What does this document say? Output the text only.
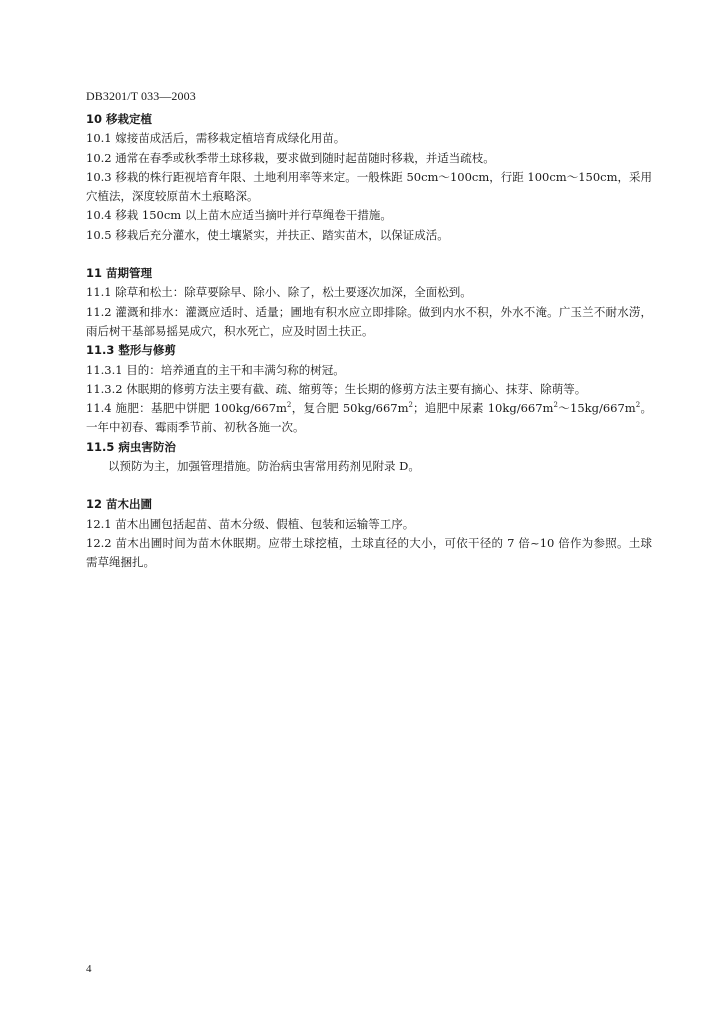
DB3201/T 033—2003

10 移栽定植

10.1 嫁接苗成活后，需移栽定植培育成绿化用苗。

10.2 通常在春季或秋季带土球移栽，要求做到随时起苗随时移栽，并适当疏枝。

10.3 移栽的株行距视培育年限、土地利用率等来定。一般株距 50cm～100cm，行距 100cm～150cm，采用穴植法，深度较原苗木土痕略深。

10.4 移栽 150cm 以上苗木应适当摘叶并行草绳卷干措施。

10.5 移栽后充分灌水，使土壤紧实，并扶正、踏实苗木，以保证成活。

11 苗期管理

11.1 除草和松土：除草要除早、除小、除了，松土要逐次加深，全面松到。

11.2 灌溉和排水：灌溉应适时、适量；圃地有积水应立即排除。做到内水不积，外水不淹。广玉兰不耐水涝，雨后树干基部易摇晃成穴，积水死亡，应及时固土扶正。

11.3 整形与修剪

11.3.1 目的：培养通直的主干和丰满匀称的树冠。

11.3.2 休眠期的修剪方法主要有截、疏、缩剪等；生长期的修剪方法主要有摘心、抹芽、除萌等。

11.4 施肥：基肥中饼肥 $100kg/667m^2$，复合肥 $50kg/667m^2$；追肥中尿素 $10kg/667m^2\sim 15kg/667m^2$。一年中初春、霉雨季节前、初秋各施一次。

11.5 病虫害防治

以预防为主，加强管理措施。防治病虫害常用药剂见附录 D。

12 苗木出圃

12.1 苗木出圃包括起苗、苗木分级、假植、包装和运输等工序。

12.2 苗木出圃时间为苗木休眠期。应带土球挖植，土球直径的大小，可依干径的 7 倍~10 倍作为参照。土球需草绳捆扎。

4
